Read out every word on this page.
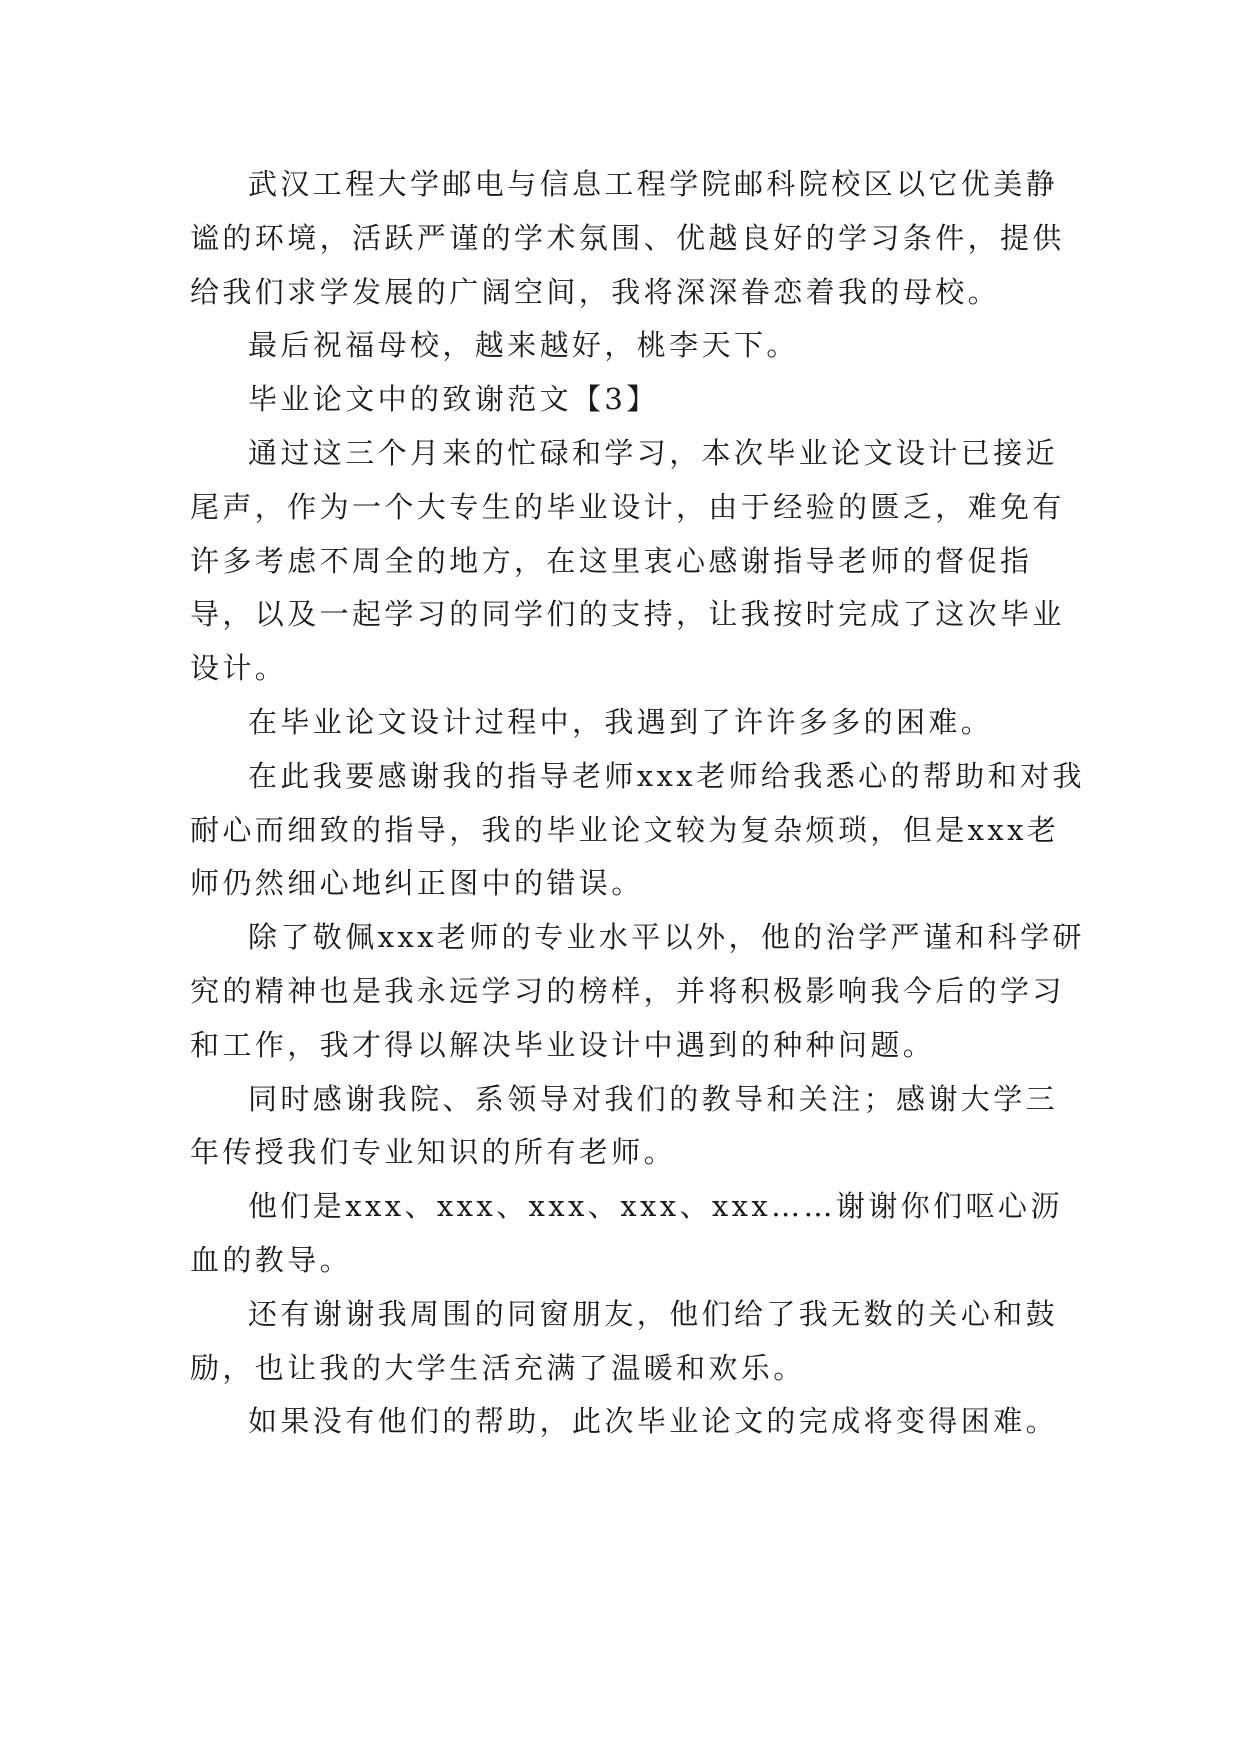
武汉工程大学邮电与信息工程学院邮科院校区以它优美静谧的环境，活跃严谨的学术氛围、优越良好的学习条件，提供给我们求学发展的广阔空间，我将深深眷恋着我的母校。

最后祝福母校，越来越好，桃李天下。

毕业论文中的致谢范文【3】

通过这三个月来的忙碌和学习，本次毕业论文设计已接近尾声，作为一个大专生的毕业设计，由于经验的匮乏，难免有许多考虑不周全的地方，在这里衷心感谢指导老师的督促指导，以及一起学习的同学们的支持，让我按时完成了这次毕业设计。

在毕业论文设计过程中，我遇到了许许多多的困难。

在此我要感谢我的指导老师xxx老师给我悉心的帮助和对我耐心而细致的指导，我的毕业论文较为复杂烦琐，但是xxx老师仍然细心地纠正图中的错误。

除了敬佩xxx老师的专业水平以外，他的治学严谨和科学研究的精神也是我永远学习的榜样，并将积极影响我今后的学习和工作，我才得以解决毕业设计中遇到的种种问题。

同时感谢我院、系领导对我们的教导和关注；感谢大学三年传授我们专业知识的所有老师。

他们是xxx、xxx、xxx、xxx、xxx……谢谢你们呕心沥血的教导。

还有谢谢我周围的同窗朋友，他们给了我无数的关心和鼓励，也让我的大学生活充满了温暖和欢乐。

如果没有他们的帮助，此次毕业论文的完成将变得困难。
